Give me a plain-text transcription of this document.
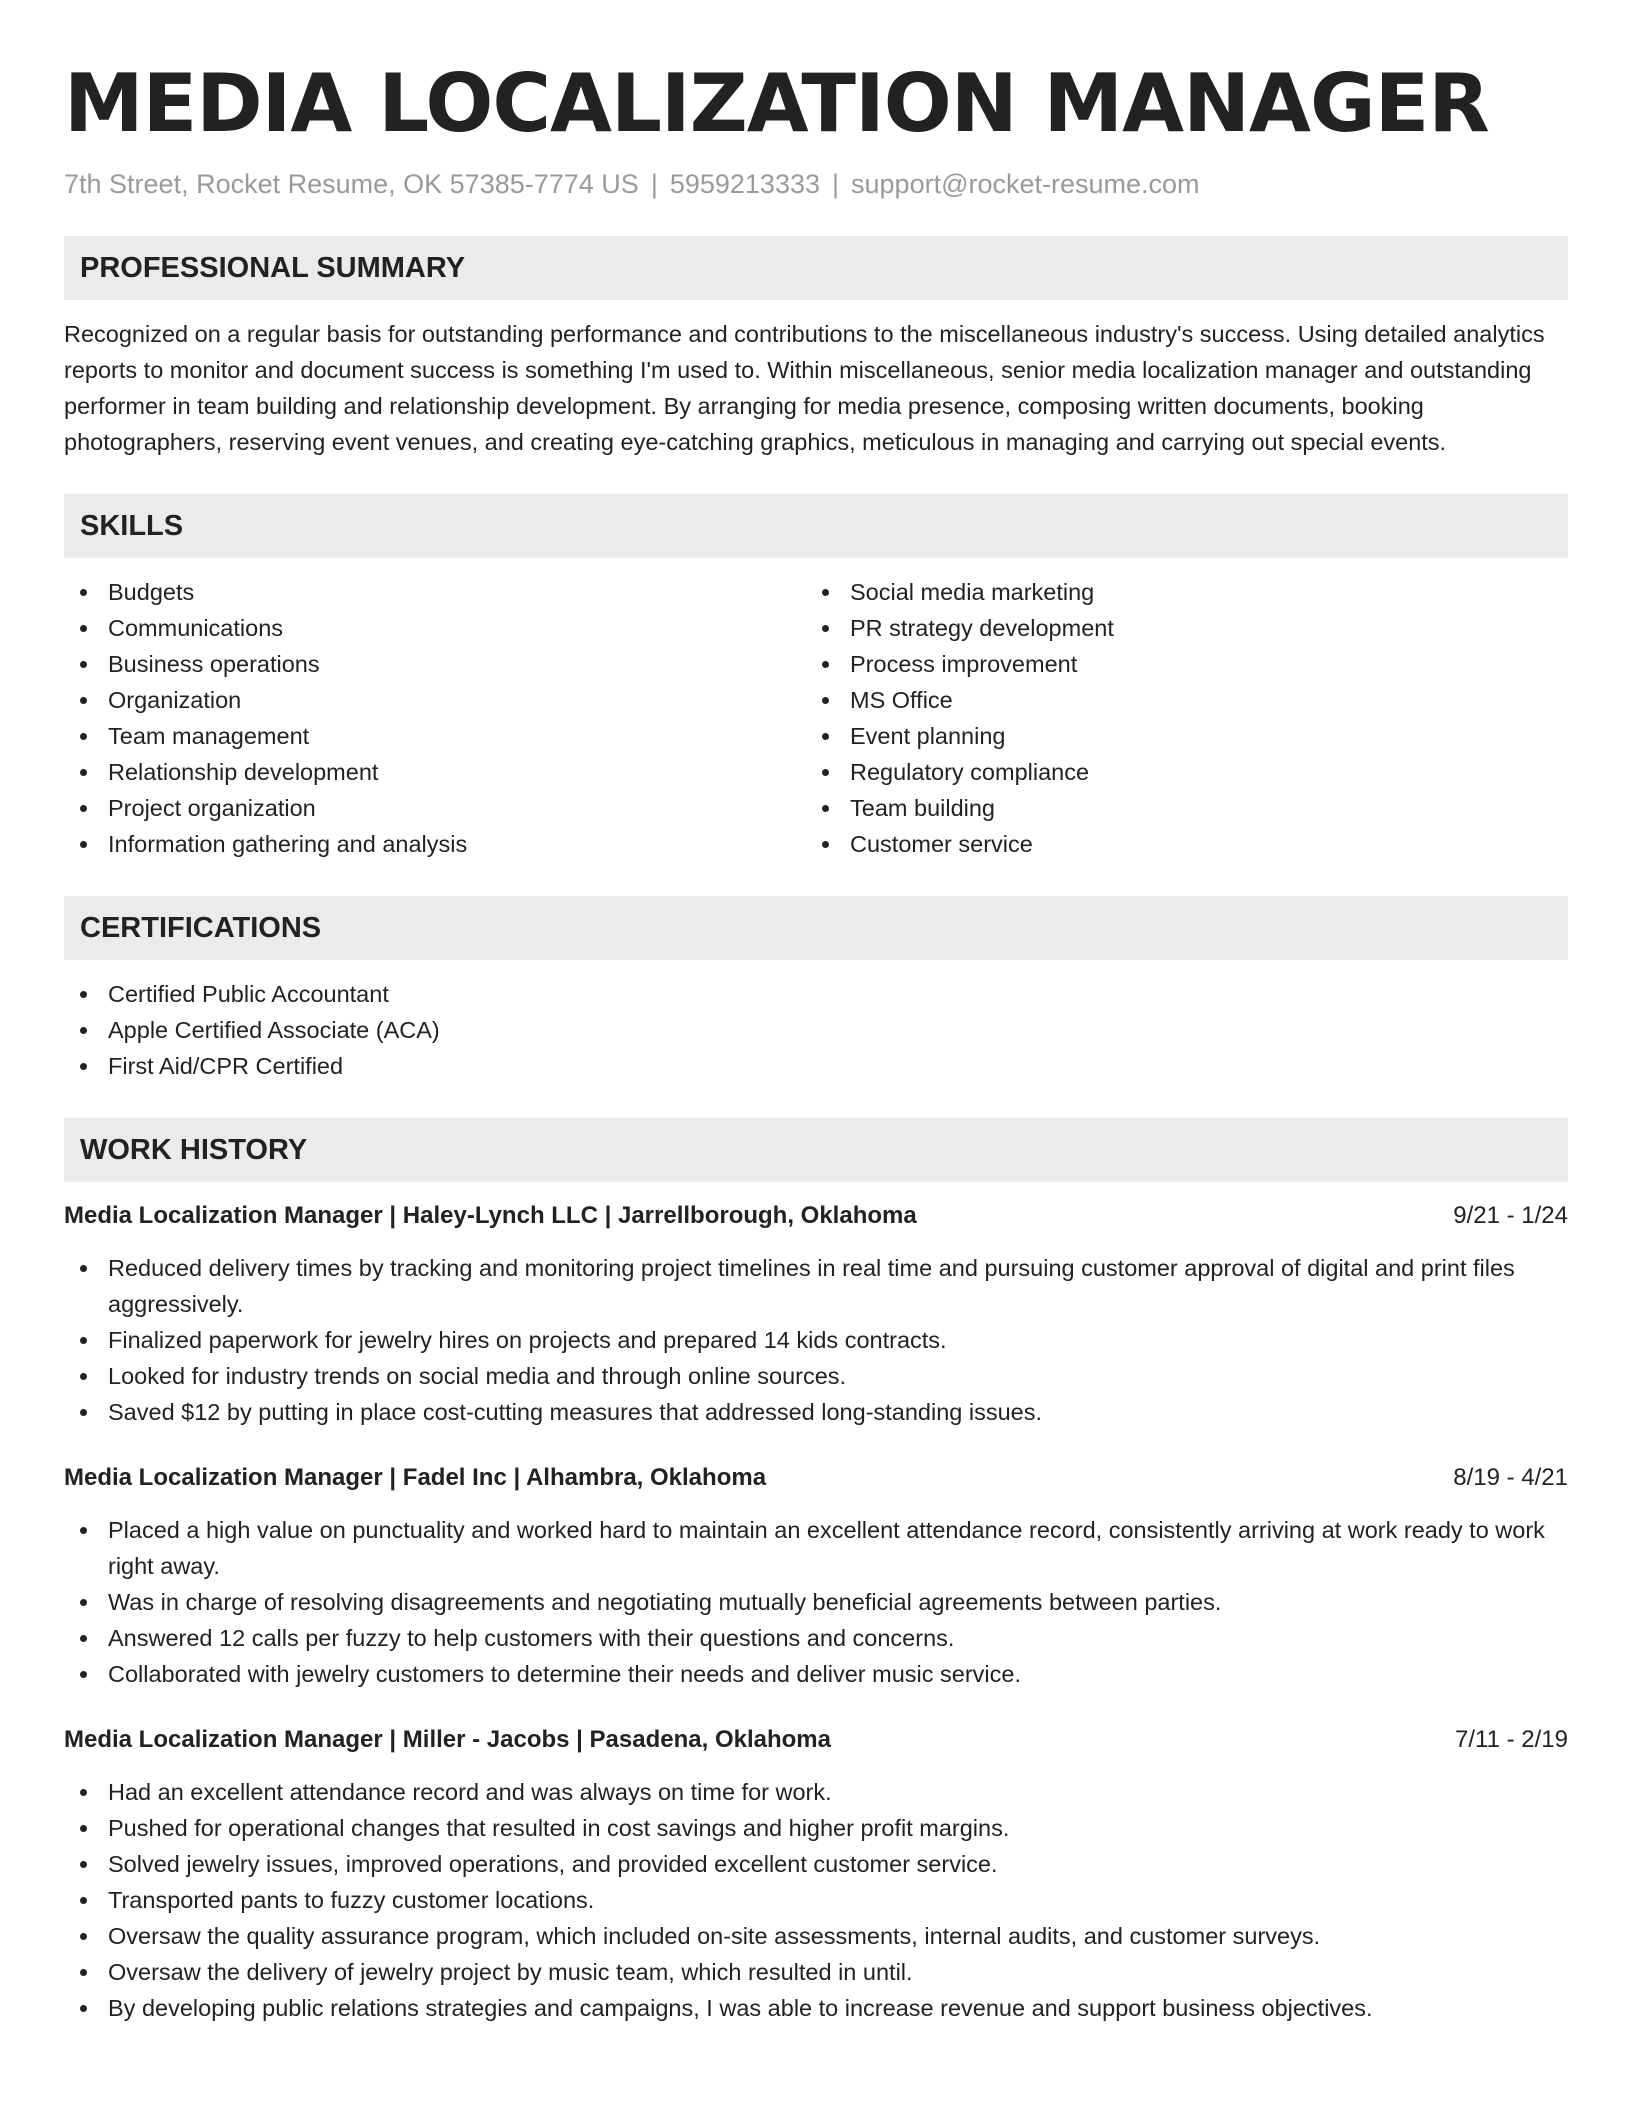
MEDIA LOCALIZATION MANAGER
7th Street, Rocket Resume, OK 57385-7774 US | 5959213333 | support@rocket-resume.com
PROFESSIONAL SUMMARY

Recognized on a regular basis for outstanding performance and contributions to the miscellaneous industry's success. Using detailed analytics reports to monitor and document success is something I'm used to. Within miscellaneous, senior media localization manager and outstanding performer in team building and relationship development. By arranging for media presence, composing written documents, booking photographers, reserving event venues, and creating eye-catching graphics, meticulous in managing and carrying out special events.

SKILLS
Budgets
Communications
Business operations
Organization
Team management
Relationship development
Project organization
Information gathering and analysis
Social media marketing
PR strategy development
Process improvement
MS Office
Event planning
Regulatory compliance
Team building
Customer service
CERTIFICATIONS
Certified Public Accountant
Apple Certified Associate (ACA)
First Aid/CPR Certified
WORK HISTORY
Media Localization Manager | Haley-Lynch LLC | Jarrellborough, Oklahoma	9/21 - 1/24
Reduced delivery times by tracking and monitoring project timelines in real time and pursuing customer approval of digital and print files aggressively.
Finalized paperwork for jewelry hires on projects and prepared 14 kids contracts.
Looked for industry trends on social media and through online sources.
Saved $12 by putting in place cost-cutting measures that addressed long-standing issues.
Media Localization Manager | Fadel Inc | Alhambra, Oklahoma	8/19 - 4/21
Placed a high value on punctuality and worked hard to maintain an excellent attendance record, consistently arriving at work ready to work right away.
Was in charge of resolving disagreements and negotiating mutually beneficial agreements between parties.
Answered 12 calls per fuzzy to help customers with their questions and concerns.
Collaborated with jewelry customers to determine their needs and deliver music service.
Media Localization Manager | Miller - Jacobs | Pasadena, Oklahoma	7/11 - 2/19
Had an excellent attendance record and was always on time for work.
Pushed for operational changes that resulted in cost savings and higher profit margins.
Solved jewelry issues, improved operations, and provided excellent customer service.
Transported pants to fuzzy customer locations.
Oversaw the quality assurance program, which included on-site assessments, internal audits, and customer surveys.
Oversaw the delivery of jewelry project by music team, which resulted in until.
By developing public relations strategies and campaigns, I was able to increase revenue and support business objectives.
